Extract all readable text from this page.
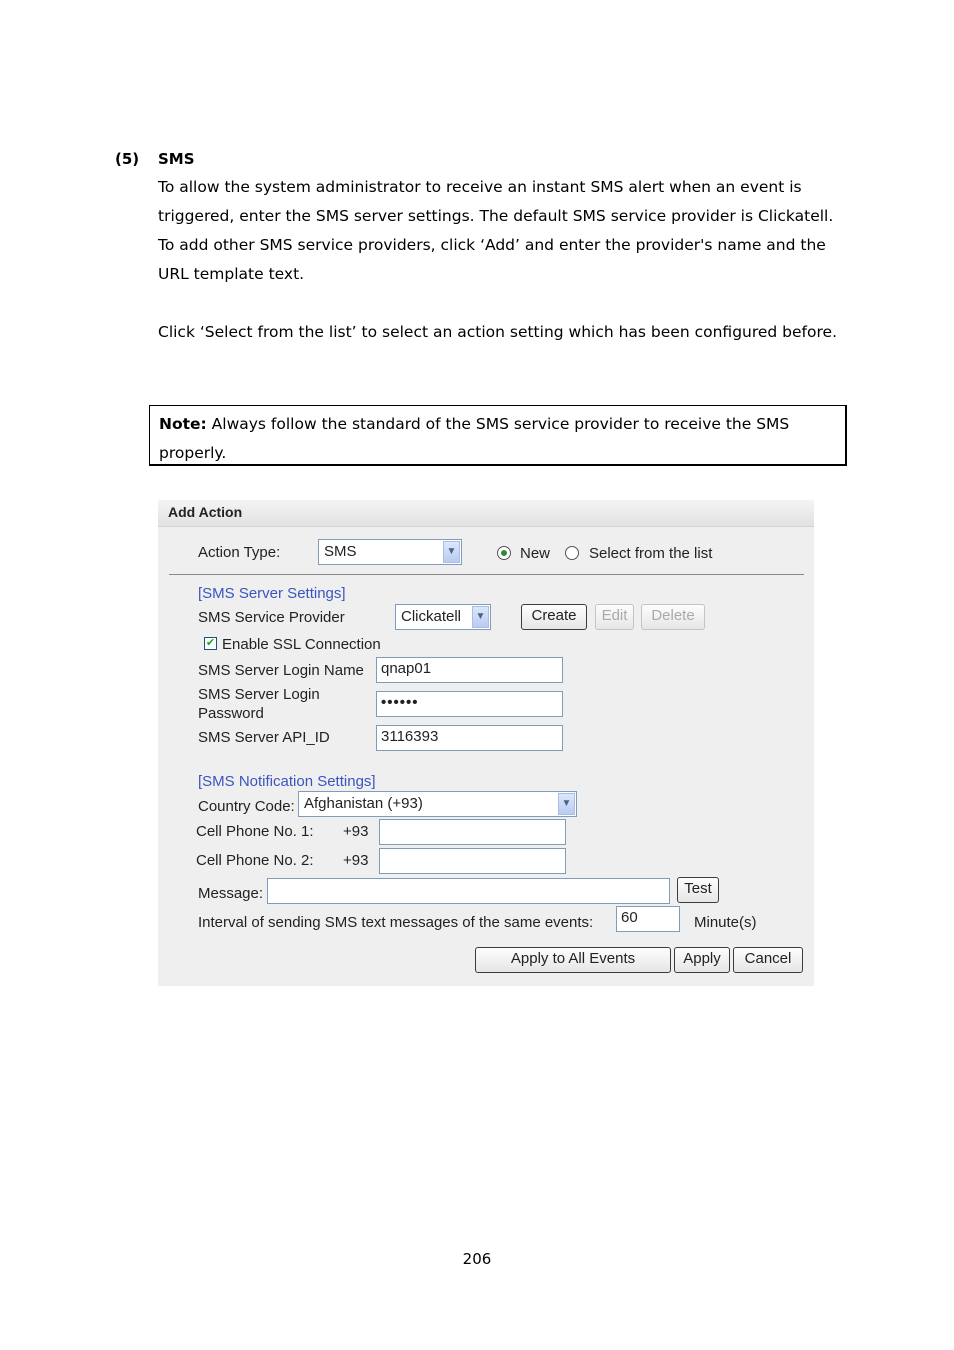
(5) SMS
To allow the system administrator to receive an instant SMS alert when an event is triggered, enter the SMS server settings. The default SMS service provider is Clickatell. To add other SMS service providers, click ‘Add’ and enter the provider's name and the URL template text.
Click ‘Select from the list’ to select an action setting which has been configured before.
Note: Always follow the standard of the SMS service provider to receive the SMS properly.
Add Action
Action Type:	SMS	▼	New	Select from the list
[SMS Server Settings]
SMS Service Provider	Clickatell	▼	Create	Edit	Delete
✔ Enable SSL Connection
SMS Server Login Name	qnap01
SMS Server Login
Password
••••••
SMS Server API_ID	3116393
[SMS Notification Settings]
Country Code: Afghanistan (+93)	▼
Cell Phone No. 1: +93
Cell Phone No. 2: +93
Message:	Test
Interval of sending SMS text messages of the same events:	60	Minute(s)
Apply to All Events	Apply	Cancel
206
